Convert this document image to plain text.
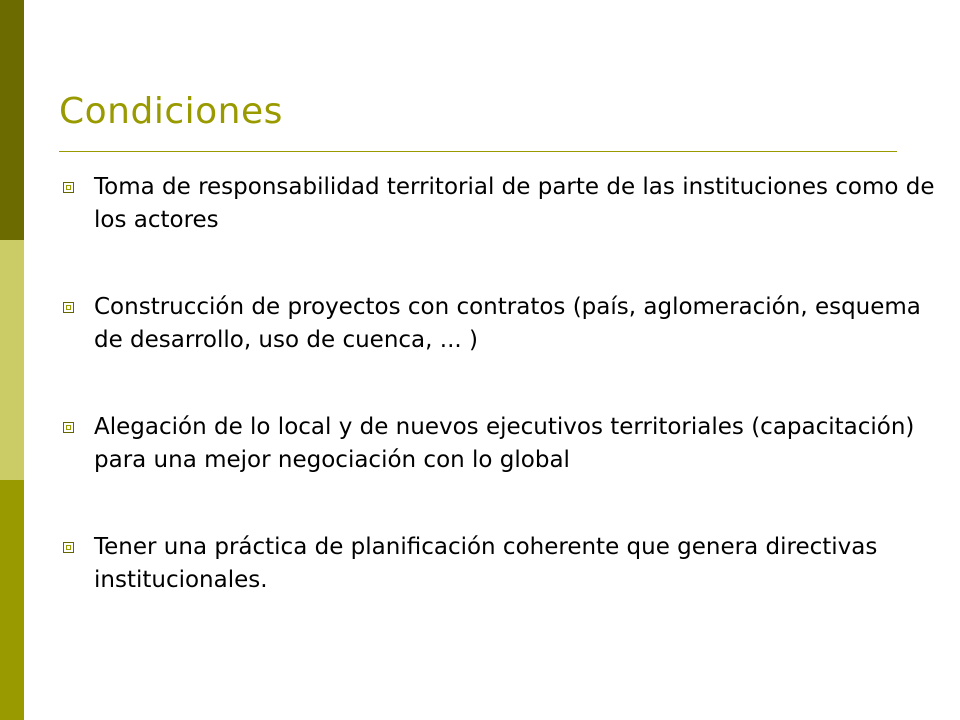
Condiciones
Toma de responsabilidad territorial de parte de las instituciones como de los actores
Construcción de proyectos con contratos (país, aglomeración, esquema de desarrollo, uso de cuenca, ... )
Alegación de lo local y de nuevos ejecutivos territoriales (capacitación) para una mejor negociación con lo global
Tener una práctica de planificación coherente que genera directivas institucionales.
